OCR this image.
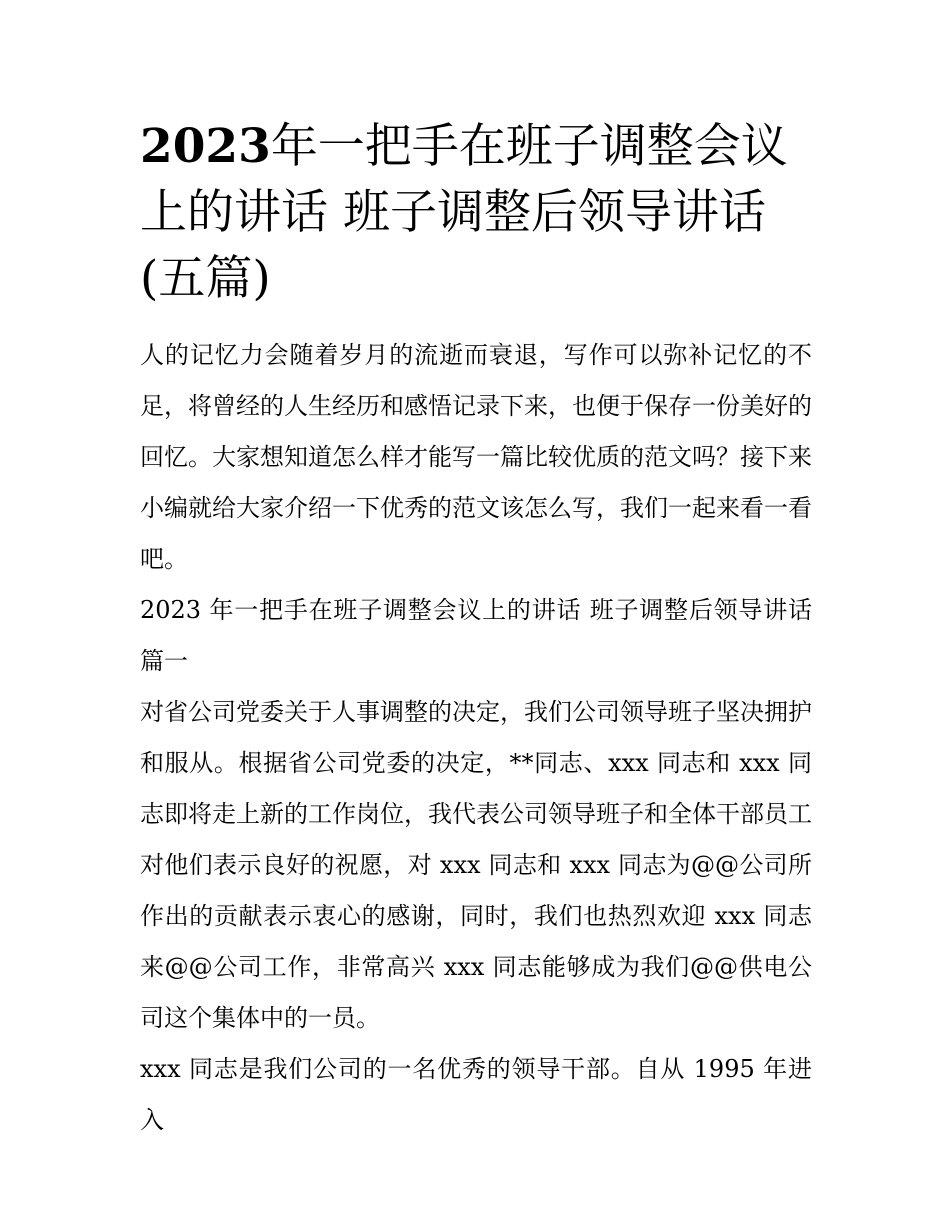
2023年一把手在班子调整会议上的讲话 班子调整后领导讲话(五篇)

人的记忆力会随着岁月的流逝而衰退，写作可以弥补记忆的不足，将曾经的人生经历和感悟记录下来，也便于保存一份美好的回忆。大家想知道怎么样才能写一篇比较优质的范文吗？接下来小编就给大家介绍一下优秀的范文该怎么写，我们一起来看一看吧。

2023 年一把手在班子调整会议上的讲话 班子调整后领导讲话篇一

对省公司党委关于人事调整的决定，我们公司领导班子坚决拥护和服从。根据省公司党委的决定，**同志、xxx 同志和 xxx 同志即将走上新的工作岗位，我代表公司领导班子和全体干部员工对他们表示良好的祝愿，对 xxx 同志和 xxx 同志为@@公司所作出的贡献表示衷心的感谢，同时，我们也热烈欢迎 xxx 同志来@@公司工作，非常高兴 xxx 同志能够成为我们@@供电公司这个集体中的一员。

xxx 同志是我们公司的一名优秀的领导干部。自从 1995 年进入
